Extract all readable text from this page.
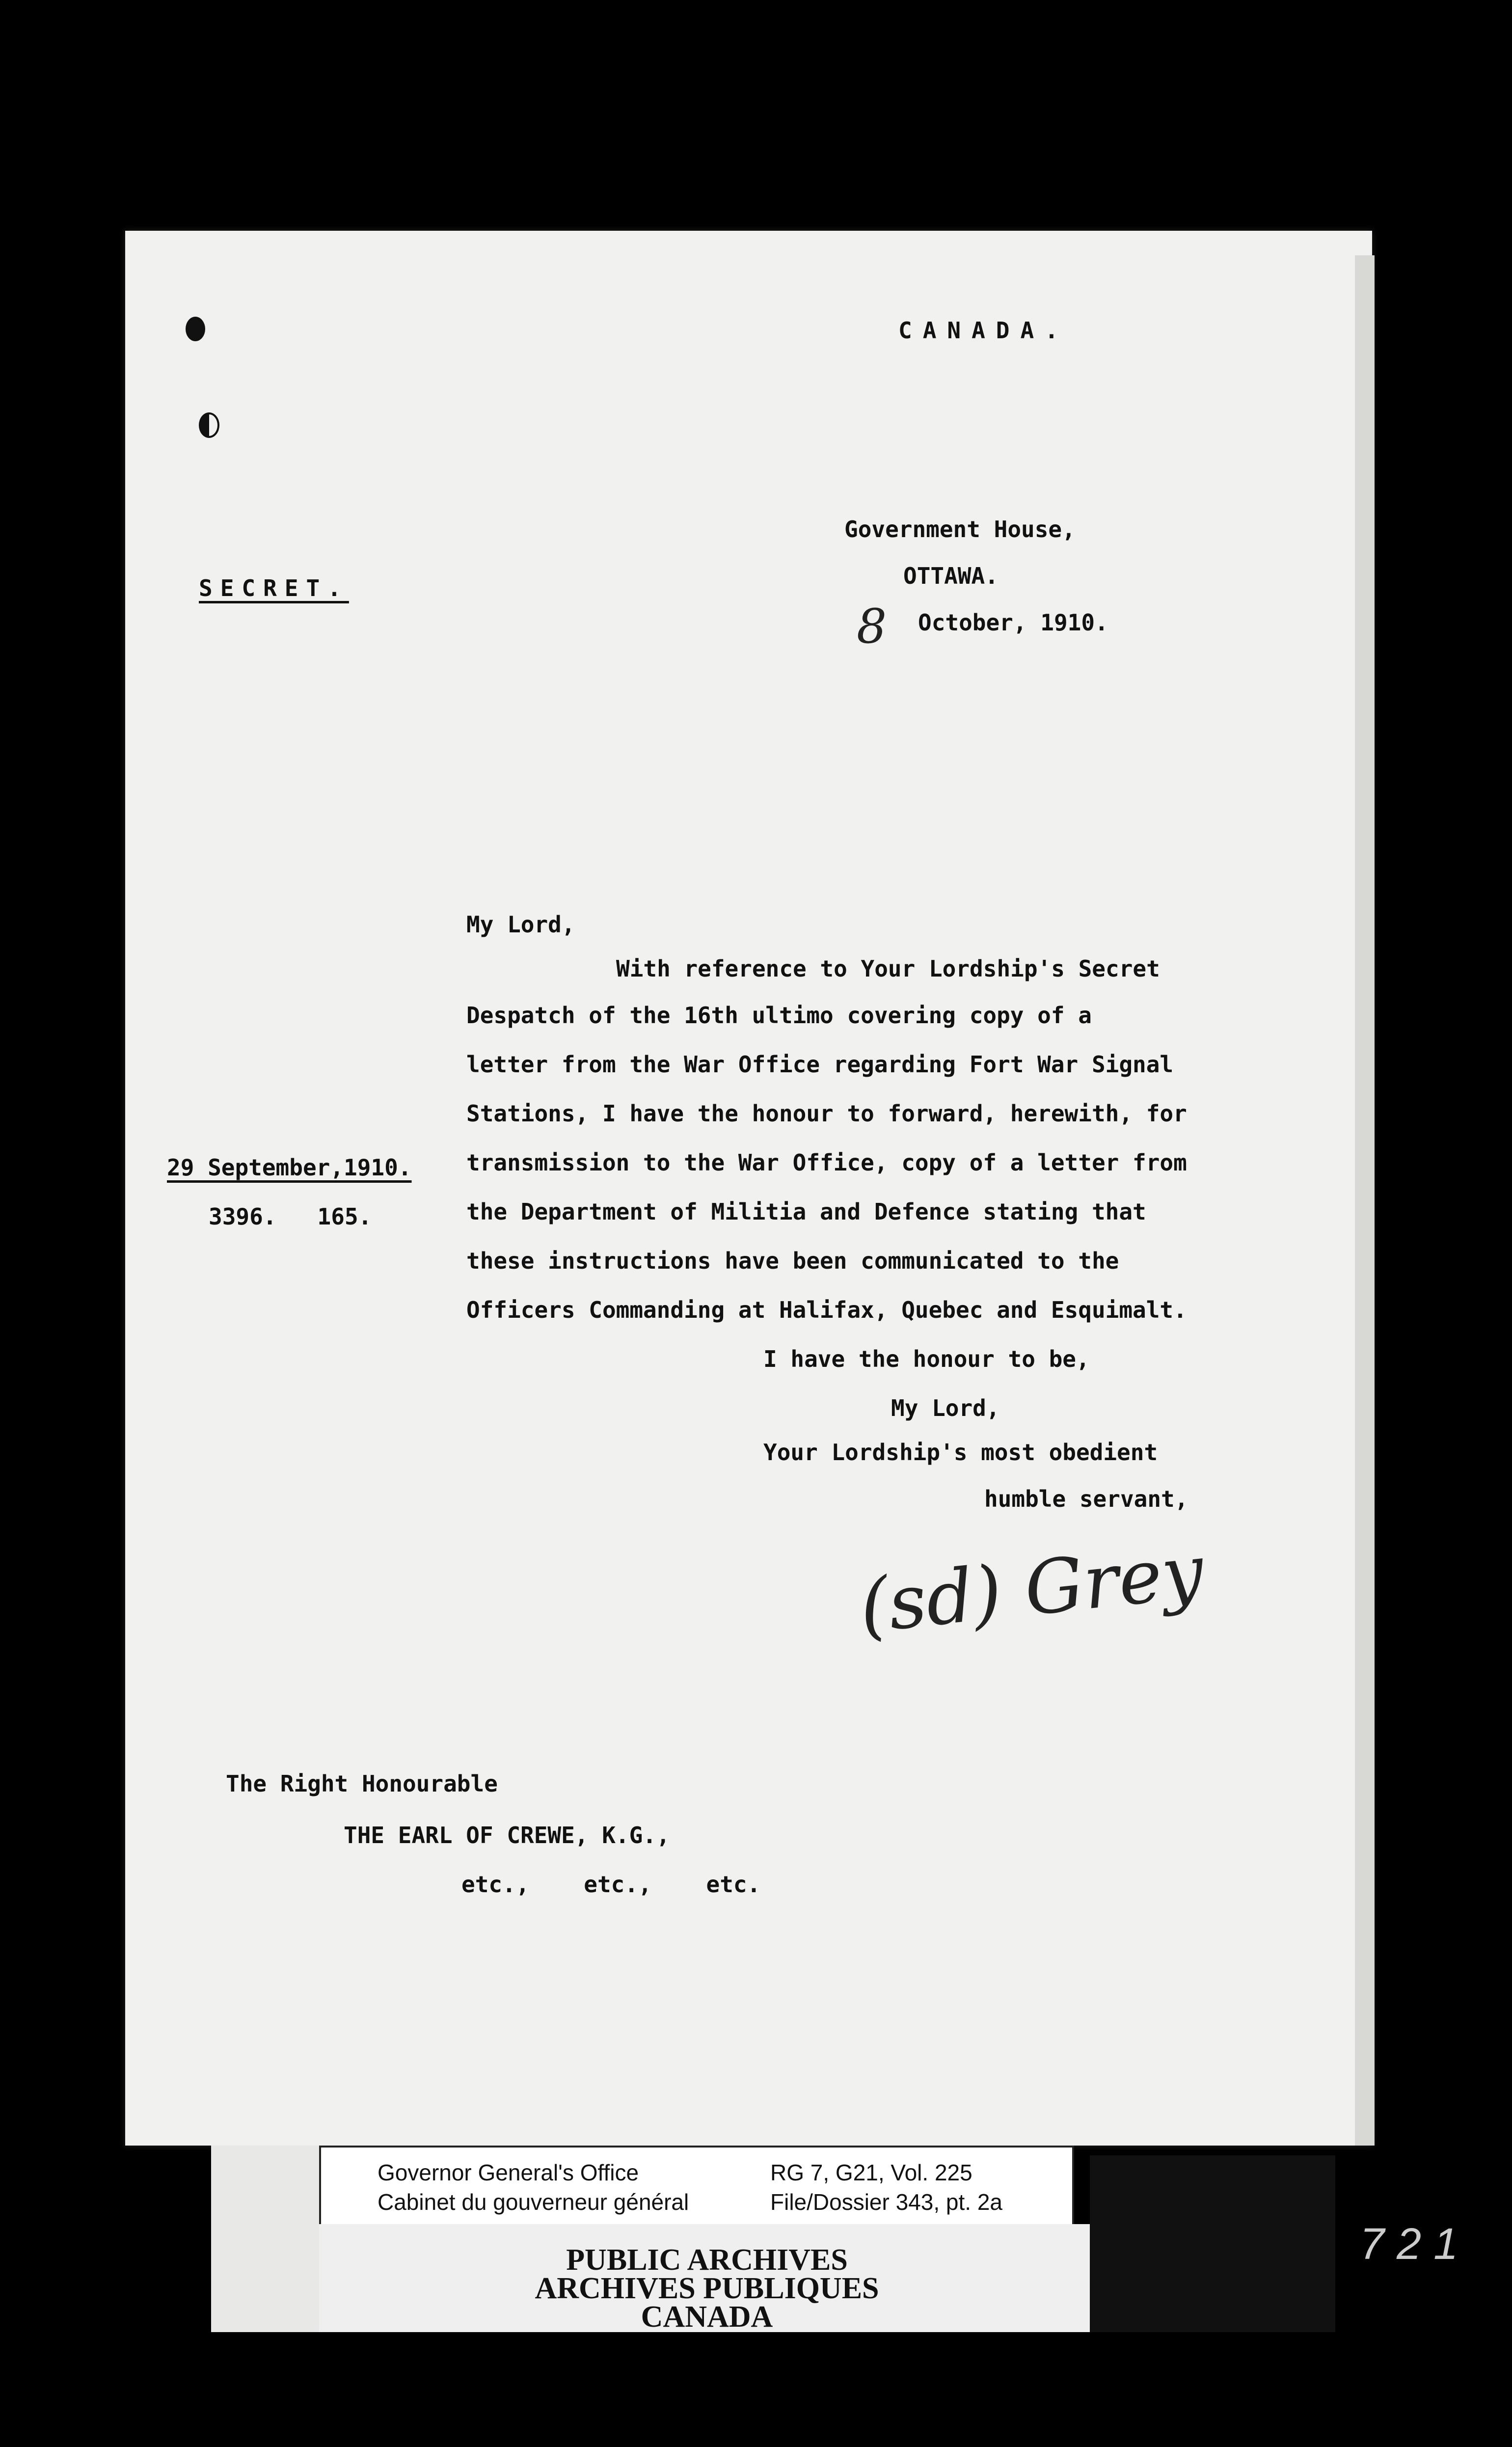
CANADA.
Government House,
SECRET.	OTTAWA.
8 October, 1910.
My Lord,
With reference to Your Lordship's Secret
Despatch of the 16th ultimo covering copy of a
letter from the War Office regarding Fort War Signal
Stations, I have the honour to forward, herewith, for
29 September,1910. transmission to the War Office, copy of a letter from
3396.   165.	the Department of Militia and Defence stating that
these instructions have been communicated to the
Officers Commanding at Halifax, Quebec and Esquimalt.
I have the honour to be,
My Lord,
Your Lordship's most obedient
humble servant,
(sd) Grey
The Right Honourable
THE EARL OF CREWE, K.G.,
etc.,    etc.,    etc.
Governor General's Office
Cabinet du gouverneur général
RG 7, G21, Vol. 225
File/Dossier 343, pt. 2a
PUBLIC ARCHIVES
ARCHIVES PUBLIQUES
CANADA
7 2 1
